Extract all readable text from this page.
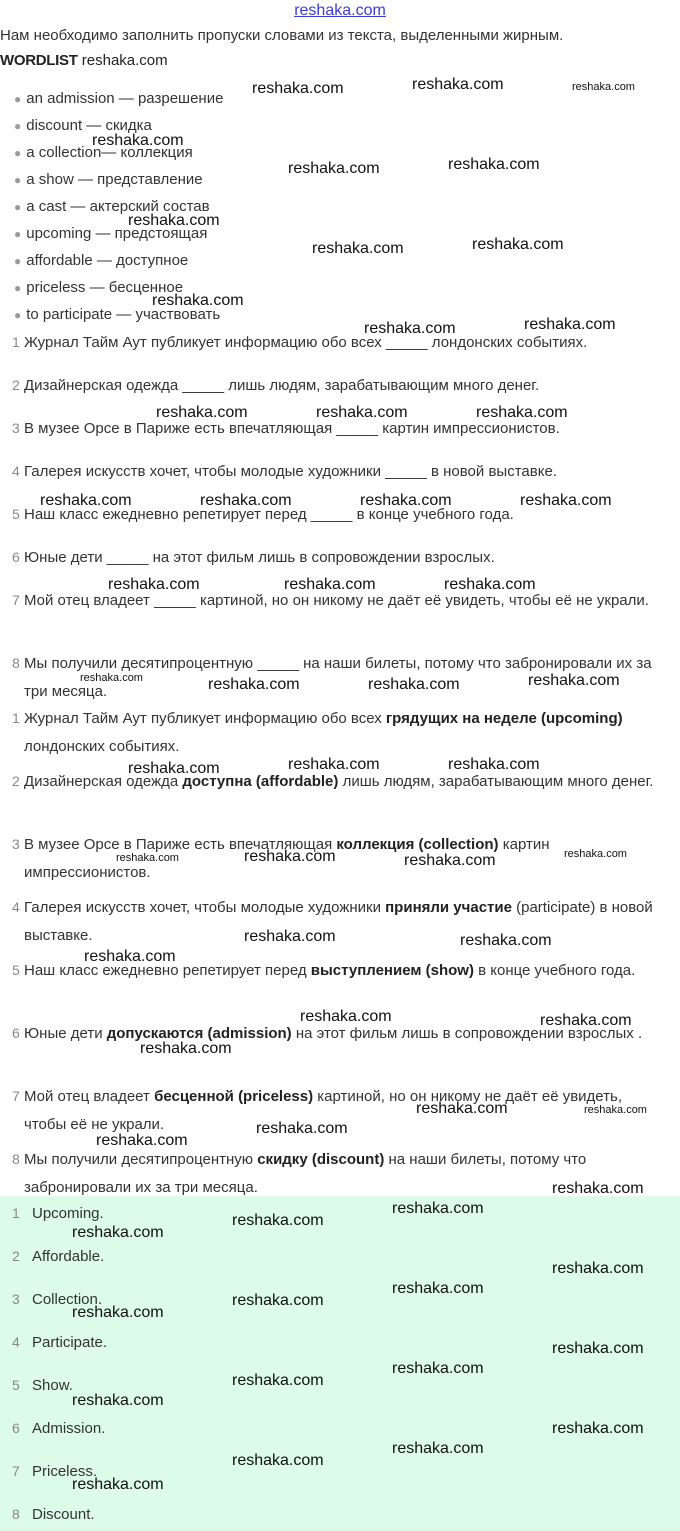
reshaka.com
Нам необходимо заполнить пропуски словами из текста, выделенными жирным.
WORDLIST reshaka.com
● an admission — разрешение
● discount — скидка
● a collection— коллекция
● a show — представление
● a cast — актерский состав
● upcoming — предстоящая
● affordable — доступное
● priceless — бесценное
● to participate — участвовать
1 Журнал Тайм Аут публикует информацию обо всех _____ лондонских событиях.
2 Дизайнерская одежда _____ лишь людям, зарабатывающим много денег.
3 В музее Орсе в Париже есть впечатляющая _____ картин импрессионистов.
4 Галерея искусств хочет, чтобы молодые художники _____ в новой выставке.
5 Наш класс ежедневно репетирует перед _____ в конце учебного года.
6 Юные дети _____ на этот фильм лишь в сопровождении взрослых.
7 Мой отец владеет _____ картиной, но он никому не даёт её увидеть, чтобы её не украли.
8 Мы получили десятипроцентную _____ на наши билеты, потому что забронировали их за три месяца.
1 Журнал Тайм Аут публикует информацию обо всех грядущих на неделе (upcoming) лондонских событиях.
2 Дизайнерская одежда доступна (affordable) лишь людям, зарабатывающим много денег.
3 В музее Орсе в Париже есть впечатляющая коллекция (collection) картин импрессионистов.
4 Галерея искусств хочет, чтобы молодые художники приняли участие (participate) в новой выставке.
5 Наш класс ежедневно репетирует перед выступлением (show) в конце учебного года.
6 Юные дети допускаются (admission) на этот фильм лишь в сопровождении взрослых .
7 Мой отец владеет бесценной (priceless) картиной, но он никому не даёт её увидеть, чтобы её не украли.
8 Мы получили десятипроцентную скидку (discount) на наши билеты, потому что забронировали их за три месяца.
1 Upcoming.
2 Affordable.
3 Collection.
4 Participate.
5 Show.
6 Admission.
7 Priceless.
8 Discount.
reshaka.com	reshaka.com	reshaka.com
reshaka.com
reshaka.com	reshaka.com
reshaka.com
reshaka.com	reshaka.com
reshaka.com
reshaka.com	reshaka.com
reshaka.com	reshaka.com	reshaka.com
reshaka.com	reshaka.com	reshaka.com	reshaka.com
reshaka.com	reshaka.com	reshaka.com
reshaka.com	reshaka.com	reshaka.com	reshaka.com
reshaka.com	reshaka.com	reshaka.com
reshaka.com	reshaka.com	reshaka.com	reshaka.com
reshaka.com	reshaka.com
reshaka.com
reshaka.com	reshaka.com
reshaka.com
reshaka.com	reshaka.com
reshaka.com
reshaka.com
reshaka.com
reshaka.com
reshaka.com
reshaka.com
reshaka.com
reshaka.com
reshaka.com
reshaka.com
reshaka.com
reshaka.com
reshaka.com
reshaka.com
reshaka.com
reshaka.com
reshaka.com
reshaka.com
